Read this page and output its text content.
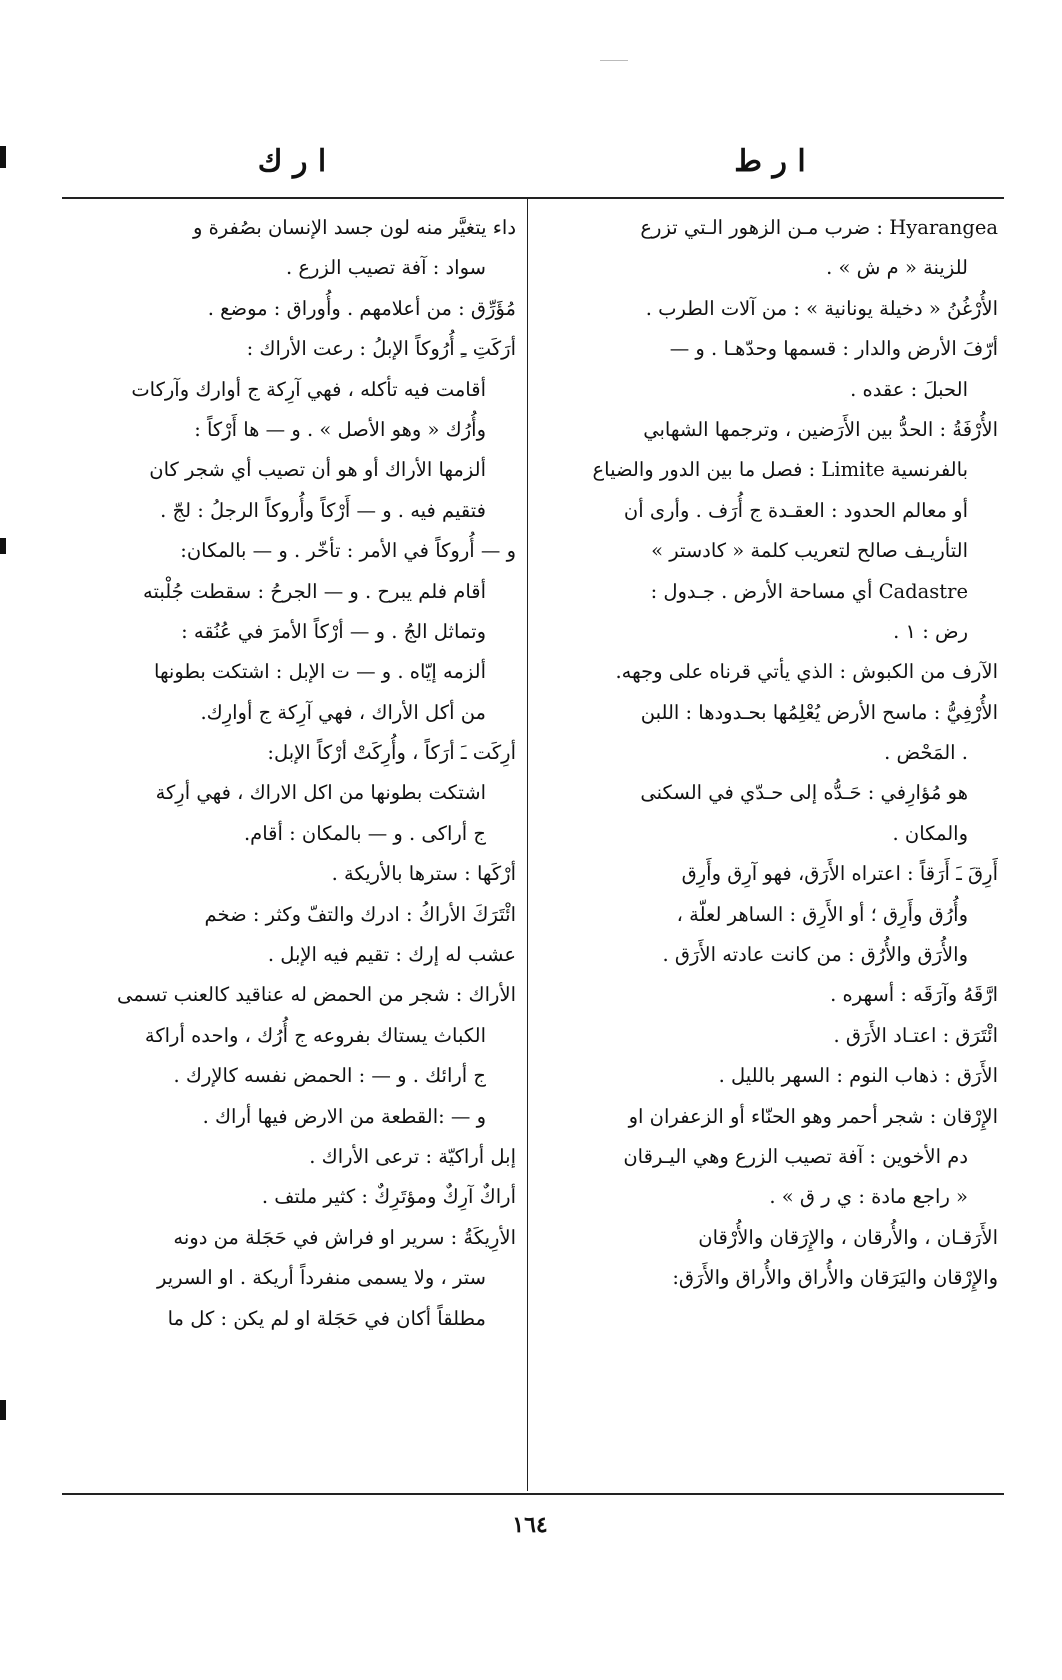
ا ر ط
ا ر ك
Hyarangea : ضرب مـن الزهور الـتي تزرع
للزينة « م ش » .
الأُرْغُنُ « دخيلة يونانية » : من آلات الطرب .
أرّفَ الأرض والدار : قسمها وحدّهـا . و —
الحبلَ : عقده .
الأُرْفَةُ : الحدُّ بين الأَرَضين ، وترجمها الشهابي
بالفرنسية Limite : فصل ما بين الدور والضياع
أو معالم الحدود : العقـدة ج أُرَف . وأرى أن
التأريـف صالح لتعريب كلمة « كادستر »
Cadastre أي مساحة الأرض . جـدول :
رض : ١ .
الآرف من الكبوش : الذي يأتي قرناه على وجهه.
الأُرْفِيُّ : ماسح الأرض يُعْلِمُها بحـدودها : اللبن
. المَحْض .
هو مُؤارِفي : حَـدُّه إلى حـدّي في السكنى
والمكان .
أَرِقَ ـَ أَرَقاً : اعتراه الأَرَق، فهو آرِق وأَرِق
وأُرُق وأَرِق ؛ أو الأَرِق : الساهر لعلّة ،
والأُرَق والأُرُق : من كانت عادته الأَرَق .
ارَّقَهُ وآرَقَه : أسهره .
ائْتَرَق : اعتـاد الأَرَق .
الأَرَق : ذهاب النوم : السهر بالليل .
الإِرْقان : شجر أحمر وهو الحنّاء أو الزعفران او
دم الأخوين : آفة تصيب الزرع وهي اليـرقان
« راجع مادة : ي ر ق » .
الأَرَقـان ، والأُرقان ، والإِرَقان والأُرْقان
والإِرْقان واليَرَقان والأُراق والأُراق والأَرَق:
داء يتغيَّر منه لون جسد الإنسان بصُفرة و
سواد : آفة تصيب الزرع .
مُؤَرِّق : من أعلامهم . وأُوراق : موضع .
أرَكَتِ ـِ أُرُوكاً الإبلُ : رعت الأراك :
أقامت فيه تأكله ، فهي آرِكة ج أوارك وآركات
وأُرُك « وهو الأصل » . و — ها أَرْكاً :
ألزمها الأراك أو هو أن تصيب أي شجر كان
فتقيم فيه . و — أَرْكاً وأُروكاً الرجلُ : لجّ .
و — أُروكاً في الأمر : تأخّر . و — بالمكان:
أقام فلم يبرح . و — الجرحُ : سقطت جُلْبته
وتماثل الجُ . و — أرْكاً الأمرَ في عُنُقه :
ألزمه إيّاه . و — ت الإبل : اشتكت بطونها
من أكل الأراك ، فهي آرِكة ج أوارِك.
أرِكَت ـَ أرَكاً ، وأُرِكَتْ أرْكاً الإبل:
اشتكت بطونها من اكل الاراك ، فهي أرِكة
ج أراكى . و — بالمكان : أقام.
أرْكَها : سترها بالأريكة .
ائْتَرَكَ الأراكُ : ادرك والتفّ وكثر : ضخم
عشب له إرك : تقيم فيه الإبل .
الأراك : شجر من الحمض له عناقيد كالعنب تسمى
الكباث يستاك بفروعه ج أُرُك ، واحده أراكة
ج أرائك . و — : الحمض نفسه كالإرك .
و — :القطعة من الارض فيها أراك .
إبل أراكيّة : ترعى الأراك .
أراكٌ آرِكٌ ومؤتَرِكٌ : كثير ملتف .
الأرِيكَةُ : سرير او فراش في حَجَلة من دونه
ستر ، ولا يسمى منفرداً أريكة . او السرير
مطلقاً أكان في حَجَلة او لم يكن : كل ما
١٦٤
